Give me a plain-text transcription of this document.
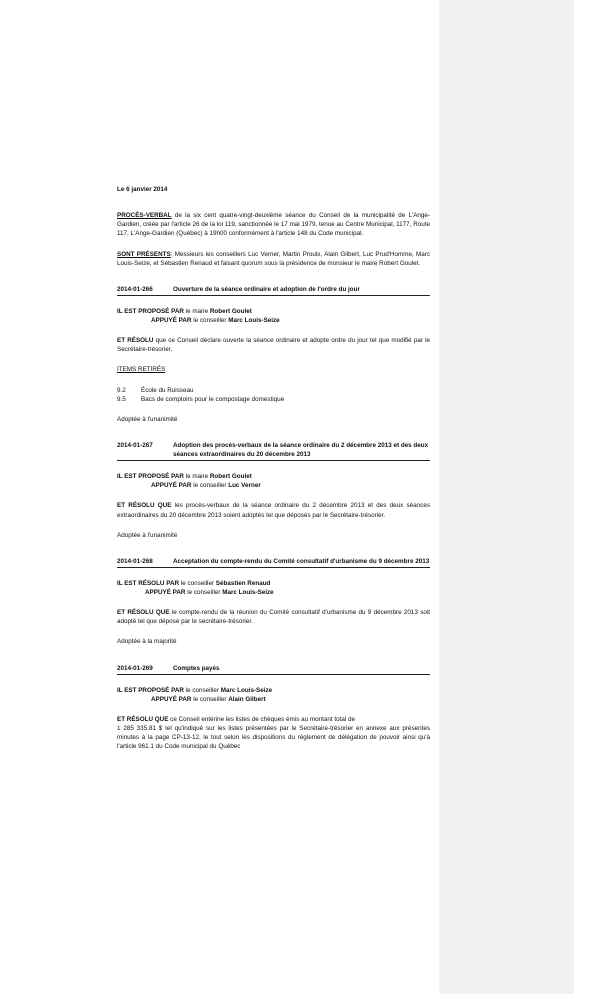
Le 6 janvier 2014

PROCÈS-VERBAL de la six cent quatre-vingt-deuxième séance du Conseil de la municipalité de L'Ange-Gardien, créée par l'article 26 de la loi 119, sanctionnée le 17 mai 1979, tenue au Centre Municipal, 1177, Route 117, L'Ange-Gardien (Québec) à 19h00 conformément à l'article 148 du Code municipal.

SONT PRÉSENTS: Messieurs les conseillers Luc Verner, Martin Proulx, Alain Gilbert, Luc Prud'Homme, Marc Louis-Seize, et Sébastien Renaud et faisant quorum sous la présidence de monsieur le maire Robert Goulet.

2014-01-266	Ouverture de la séance ordinaire et adoption de l'ordre du jour

IL EST PROPOSÉ PAR le maire Robert Goulet

APPUYÉ PAR le conseiller Marc Louis-Seize

ET RÉSOLU que ce Conseil déclare ouverte la séance ordinaire et adopte ordre du jour tel que modifié par le Secrétaire-trésorier.

ITEMS RETIRÉS

9.2	École du Ruisseau
9.5	Bacs de comptoirs pour le compostage domestique

Adoptée à l'unanimité

2014-01-267	Adoption des procès-verbaux de la séance ordinaire du 2 décembre 2013 et des deux séances extraordinaires du 20 décembre 2013

IL EST PROPOSÉ PAR le maire Robert Goulet

APPUYÉ PAR le conseiller Luc Verner

ET RÉSOLU QUE les procès-verbaux de la séance ordinaire du 2 décembre 2013 et des deux séances extraordinaires du 20 décembre 2013 soient adoptés tel que déposés par le Secrétaire-trésorier.

Adoptée à l'unanimité

2014-01-268	Acceptation du compte-rendu du Comité consultatif d'urbanisme du 9 décembre 2013

IL EST RÉSOLU PAR le conseiller Sébastien Renaud

APPUYÉ PAR le conseiller Marc Louis-Seize

ET RÉSOLU QUE le compte-rendu de la réunion du Comité consultatif d'urbanisme du 9 décembre 2013 soit adopté tel que déposé par le secrétaire-trésorier.

Adoptée à la majorité

2014-01-269	Comptes payés

IL EST PROPOSÉ PAR le conseiller Marc Louis-Seize

APPUYÉ PAR le conseiller Alain Gilbert

ET RÉSOLU QUE ce Conseil entérine les listes de chèques émis au montant total de

1 285 335.81 $ tel qu'indiqué sur les listes présentées par le Secrétaire-trésorier en annexe aux présentes minutes à la page CP-13-12, le tout selon les dispositions du règlement de délégation de pouvoir ainsi qu'à l'article 961.1 du Code municipal du Québec
